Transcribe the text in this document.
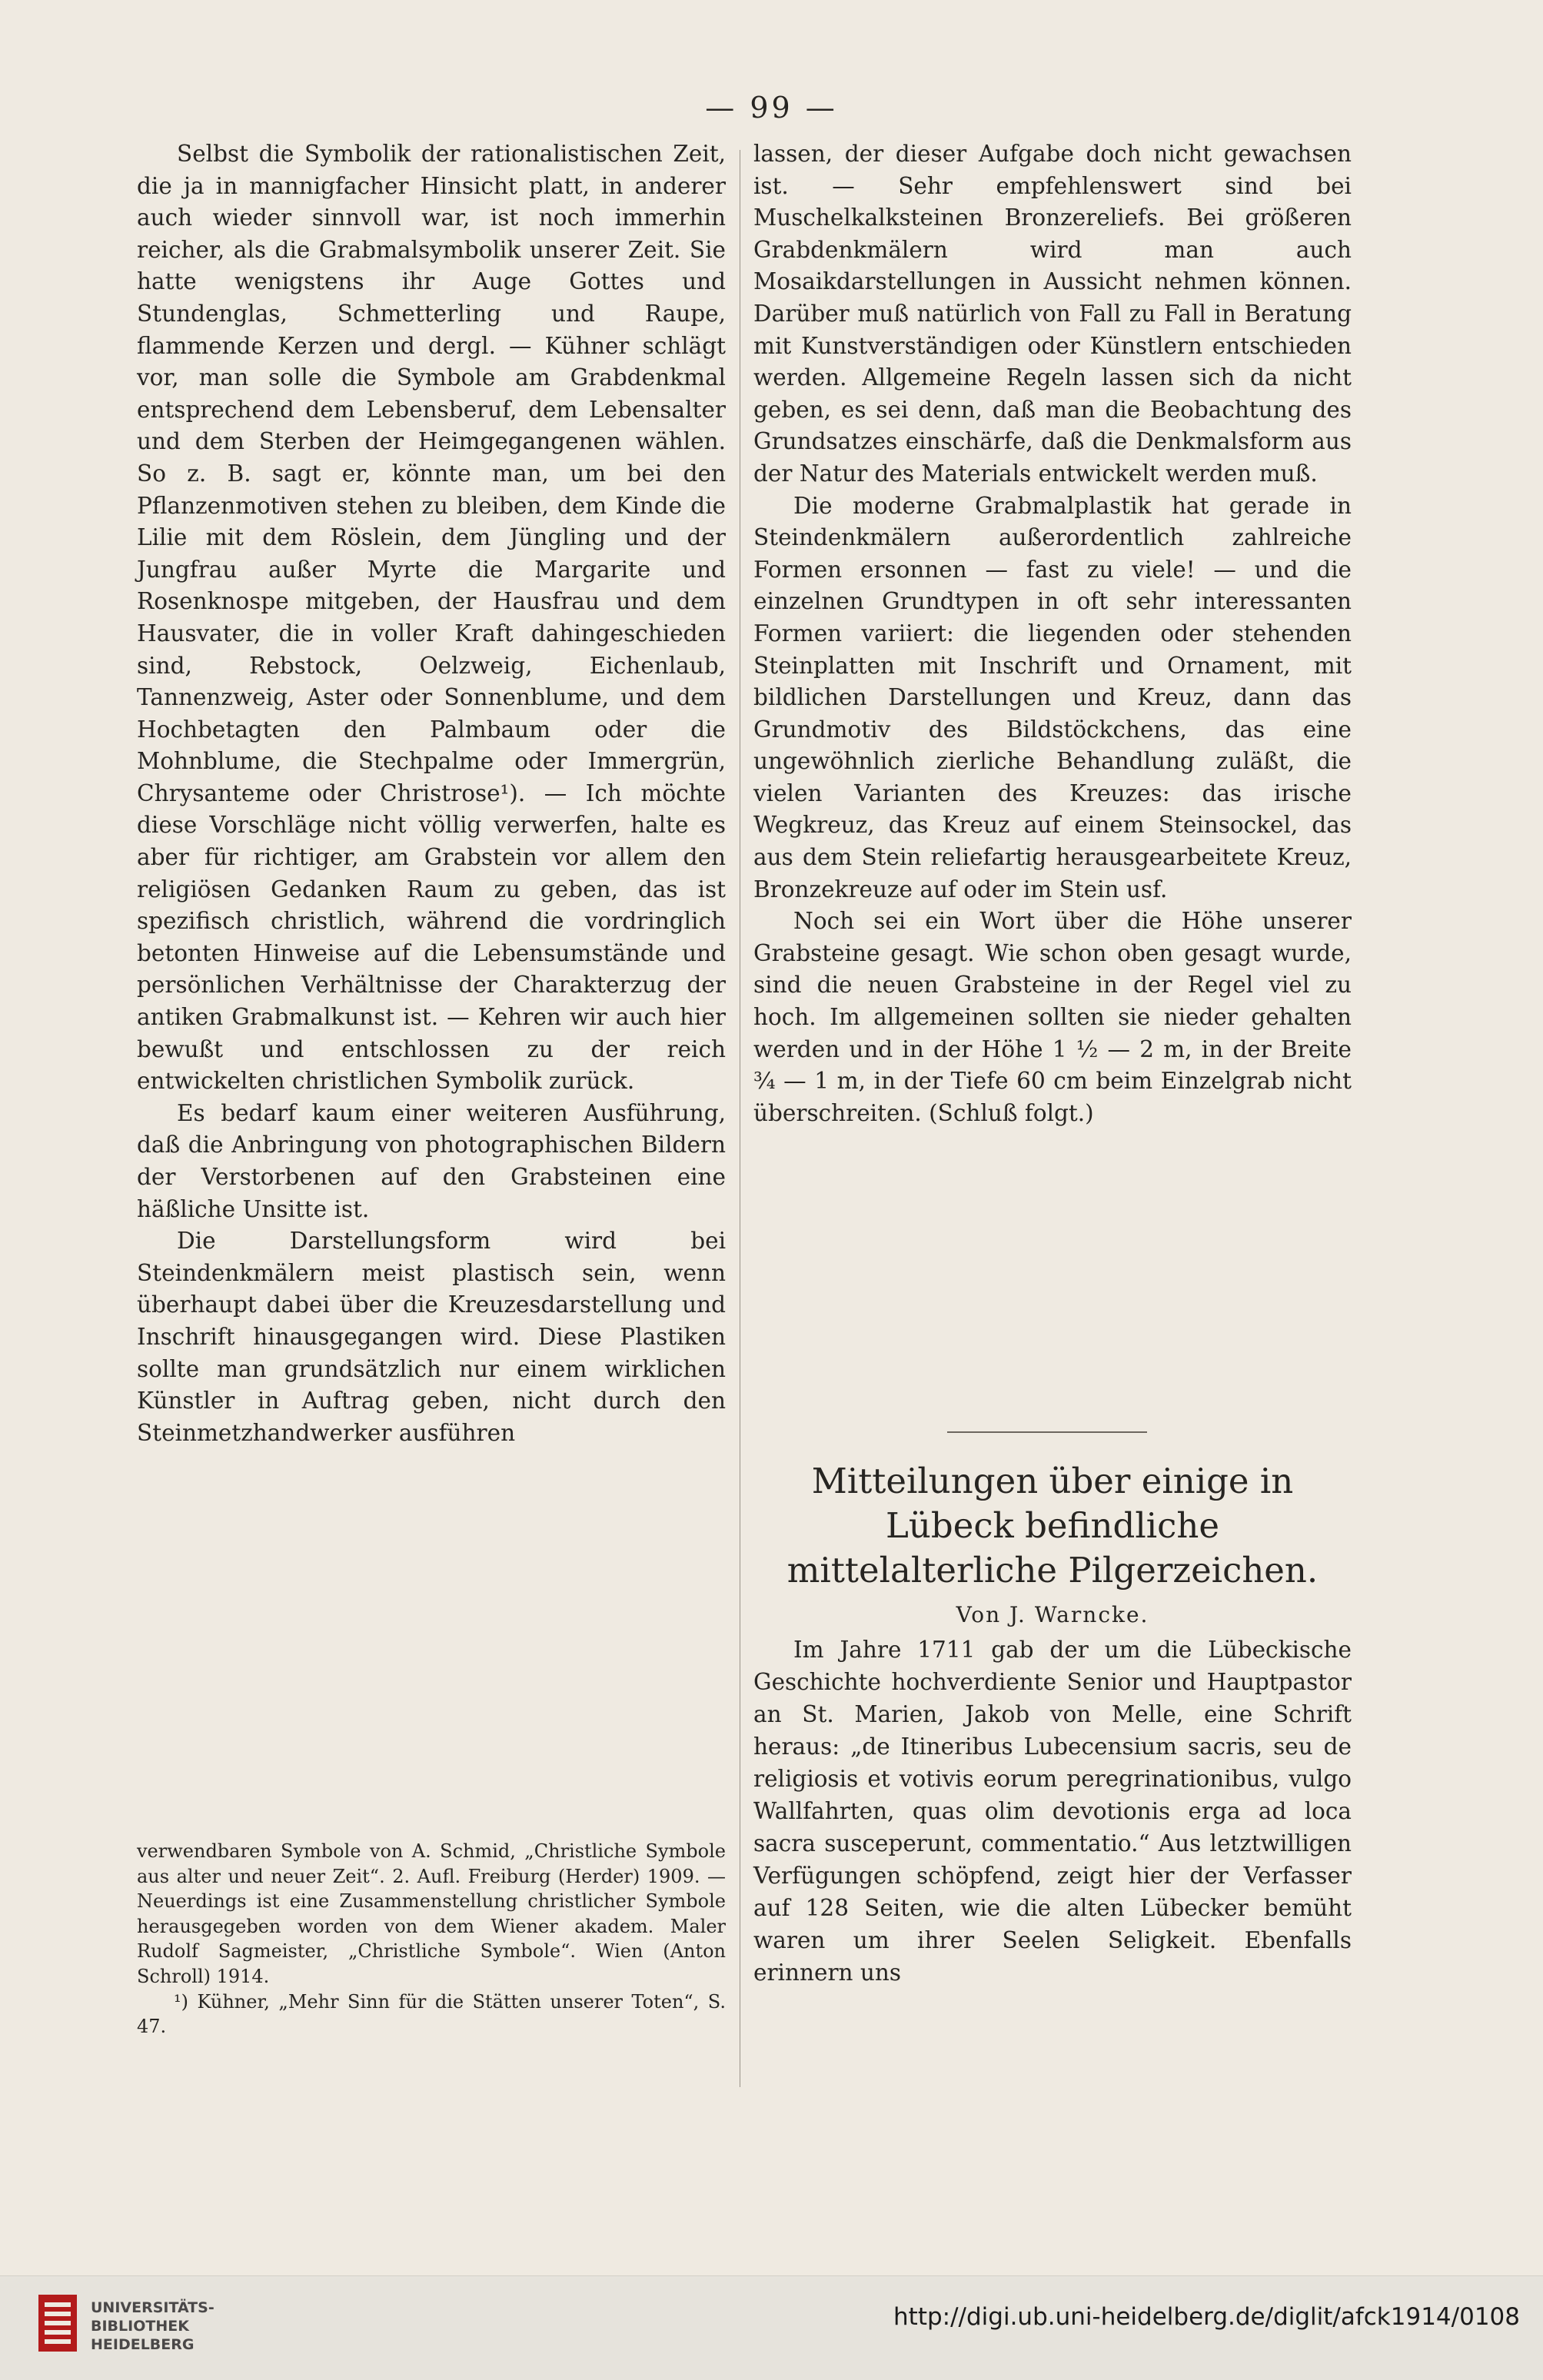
— 99 —

Selbst die Symbolik der rationalistischen Zeit, die ja in mannigfacher Hinsicht platt, in anderer auch wieder sinnvoll war, ist noch immerhin reicher, als die Grabmalsymbolik unserer Zeit. Sie hatte wenigstens ihr Auge Gottes und Stundenglas, Schmetterling und Raupe, flammende Kerzen und dergl. — Kühner schlägt vor, man solle die Symbole am Grabdenkmal entsprechend dem Lebensberuf, dem Lebensalter und dem Sterben der Heimgegangenen wählen. So z. B. sagt er, könnte man, um bei den Pflanzenmotiven stehen zu bleiben, dem Kinde die Lilie mit dem Röslein, dem Jüngling und der Jungfrau außer Myrte die Margarite und Rosenknospe mitgeben, der Hausfrau und dem Hausvater, die in voller Kraft dahingeschieden sind, Rebstock, Oelzweig, Eichenlaub, Tannenzweig, Aster oder Sonnenblume, und dem Hochbetagten den Palmbaum oder die Mohnblume, die Stechpalme oder Immergrün, Chrysanteme oder Christrose¹). — Ich möchte diese Vorschläge nicht völlig verwerfen, halte es aber für richtiger, am Grabstein vor allem den religiösen Gedanken Raum zu geben, das ist spezifisch christlich, während die vordringlich betonten Hinweise auf die Lebensumstände und persönlichen Verhältnisse der Charakterzug der antiken Grabmalkunst ist. — Kehren wir auch hier bewußt und entschlossen zu der reich entwickelten christlichen Symbolik zurück.

Es bedarf kaum einer weiteren Ausführung, daß die Anbringung von photographischen Bildern der Verstorbenen auf den Grabsteinen eine häßliche Unsitte ist.

Die Darstellungsform wird bei Steindenkmälern meist plastisch sein, wenn überhaupt dabei über die Kreuzesdarstellung und Inschrift hinausgegangen wird. Diese Plastiken sollte man grundsätzlich nur einem wirklichen Künstler in Auftrag geben, nicht durch den Steinmetzhandwerker ausführen

verwendbaren Symbole von A. Schmid, „Christliche Symbole aus alter und neuer Zeit“. 2. Aufl. Freiburg (Herder) 1909. — Neuerdings ist eine Zusammenstellung christlicher Symbole herausgegeben worden von dem Wiener akadem. Maler Rudolf Sagmeister, „Christliche Symbole“. Wien (Anton Schroll) 1914.

¹) Kühner, „Mehr Sinn für die Stätten unserer Toten“, S. 47.

lassen, der dieser Aufgabe doch nicht gewachsen ist. — Sehr empfehlenswert sind bei Muschelkalksteinen Bronzereliefs. Bei größeren Grabdenkmälern wird man auch Mosaikdarstellungen in Aussicht nehmen können. Darüber muß natürlich von Fall zu Fall in Beratung mit Kunstverständigen oder Künstlern entschieden werden. Allgemeine Regeln lassen sich da nicht geben, es sei denn, daß man die Beobachtung des Grundsatzes einschärfe, daß die Denkmalsform aus der Natur des Materials entwickelt werden muß.

Die moderne Grabmalplastik hat gerade in Steindenkmälern außerordentlich zahlreiche Formen ersonnen — fast zu viele! — und die einzelnen Grundtypen in oft sehr interessanten Formen variiert: die liegenden oder stehenden Steinplatten mit Inschrift und Ornament, mit bildlichen Darstellungen und Kreuz, dann das Grundmotiv des Bildstöckchens, das eine ungewöhnlich zierliche Behandlung zuläßt, die vielen Varianten des Kreuzes: das irische Wegkreuz, das Kreuz auf einem Steinsockel, das aus dem Stein reliefartig herausgearbeitete Kreuz, Bronzekreuze auf oder im Stein usf.

Noch sei ein Wort über die Höhe unserer Grabsteine gesagt. Wie schon oben gesagt wurde, sind die neuen Grabsteine in der Regel viel zu hoch. Im allgemeinen sollten sie nieder gehalten werden und in der Höhe 1 ½ — 2 m, in der Breite ¾ — 1 m, in der Tiefe 60 cm beim Einzelgrab nicht überschreiten. (Schluß folgt.)

Mitteilungen über einige in Lübeck befindliche mittelalterliche Pilgerzeichen.
Von J. Warncke.

Im Jahre 1711 gab der um die Lübeckische Geschichte hochverdiente Senior und Hauptpastor an St. Marien, Jakob von Melle, eine Schrift heraus: „de Itineribus Lubecensium sacris, seu de religiosis et votivis eorum peregrinationibus, vulgo Wallfahrten, quas olim devotionis erga ad loca sacra susceperunt, commentatio.“ Aus letztwilligen Verfügungen schöpfend, zeigt hier der Verfasser auf 128 Seiten, wie die alten Lübecker bemüht waren um ihrer Seelen Seligkeit. Ebenfalls erinnern uns

UNIVERSITÄTS-
BIBLIOTHEK
HEIDELBERG
http://digi.ub.uni-heidelberg.de/diglit/afck1914/0108
